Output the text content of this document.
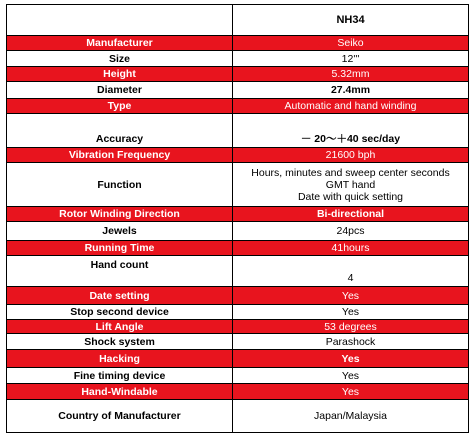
	NH34
Manufacturer	Seiko
Size	12'''
Height	5.32mm
Diameter	27.4mm
Type	Automatic and hand winding
Accuracy	－ 20～＋40 sec/day
Vibration Frequency	21600 bph
Function	Hours, minutes and sweep center seconds
GMT hand
Date with quick setting

Rotor Winding Direction	Bi-directional
Jewels	24pcs
Running Time	41hours
Hand count	4
Date setting	Yes
Stop second device	Yes
Lift Angle	53 degrees
Shock system	Parashock
Hacking	Yes
Fine timing device	Yes
Hand-Windable	Yes
Country of Manufacturer	Japan/Malaysia
